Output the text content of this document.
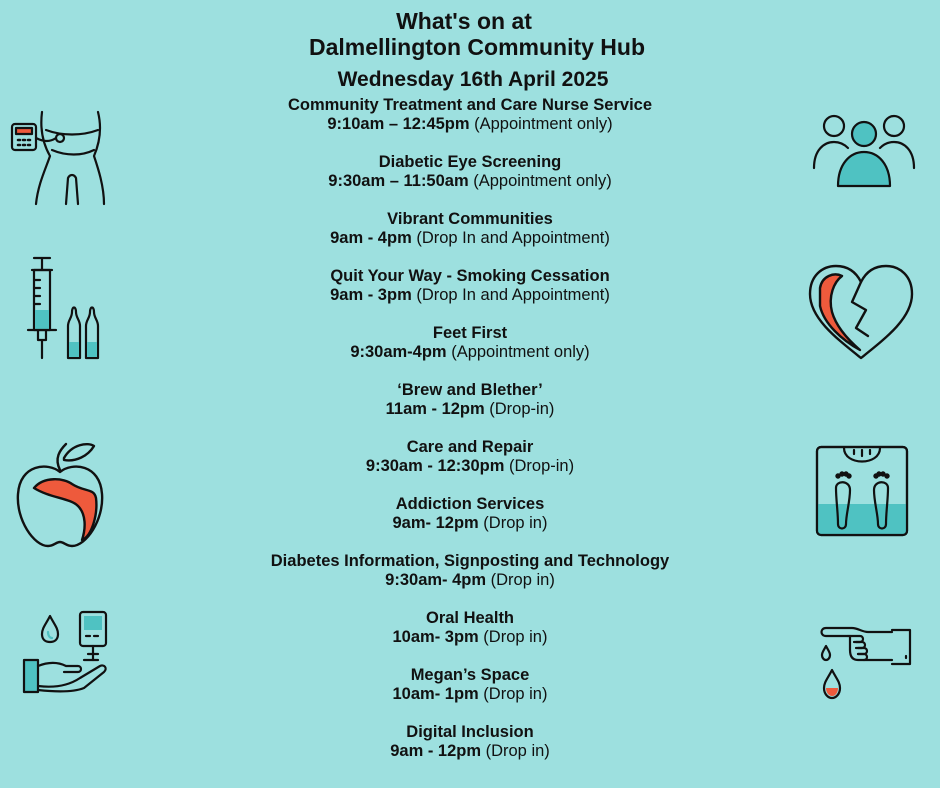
What's on at
Dalmellington Community Hub
Wednesday 16th April 2025
Community Treatment and Care Nurse Service
9:10am – 12:45pm (Appointment only)
Diabetic Eye Screening
9:30am – 11:50am (Appointment only)
Vibrant Communities
9am - 4pm (Drop In and Appointment)
Quit Your Way - Smoking Cessation
9am - 3pm (Drop In and Appointment)
Feet First
9:30am-4pm (Appointment only)
‘Brew and Blether’
11am - 12pm (Drop-in)
Care and Repair
9:30am - 12:30pm (Drop-in)
Addiction Services
9am- 12pm (Drop in)
Diabetes Information, Signposting and Technology
9:30am- 4pm (Drop in)
Oral Health
10am- 3pm (Drop in)
Megan’s Space
10am- 1pm (Drop in)
Digital Inclusion
9am - 12pm (Drop in)
